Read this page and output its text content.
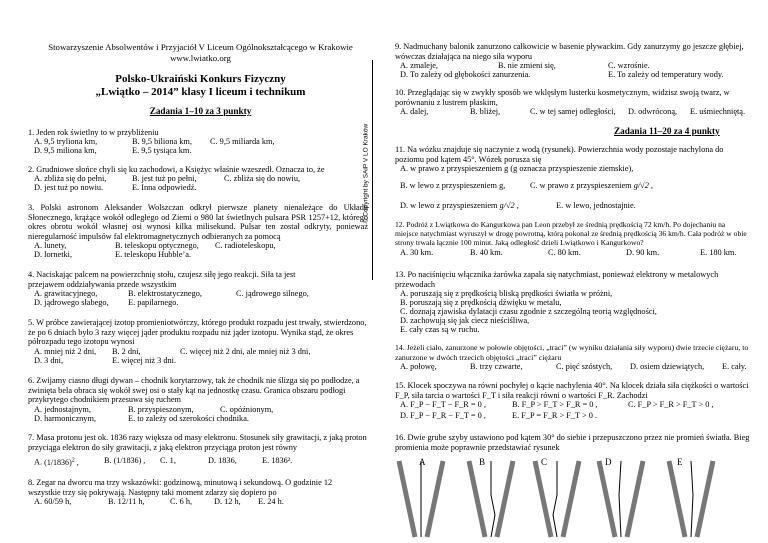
Stowarzyszenie Absolwentów i Przyjaciół V Liceum Ogólnokształcącego w Krakowie
www.lwiatko.org
Polsko-Ukraiński Konkurs Fizyczny
„Lwiątko – 2014” klasy I liceum i technikum
Zadania 1–10 za 3 punkty
1. Jeden rok świetlny to w przybliżeniu
A. 9,5 tryliona km,	B. 9,5 biliona km, C. 9,5 miliarda km,
D. 9,5 miliona km,	E. 9,5 tysiąca km.
2. Grudniowe słońce chyli się ku zachodowi, a Księżyc właśnie wzeszedł. Oznacza to, że
A. zbliża się do pełni,	B. jest tuż po pełni,	C. zbliża się do nowiu,
D. jest tuż po nowiu.	E. Inna odpowiedź.
3. Polski astronom Aleksander Wolszczan odkrył pierwsze planety nienależące do Układu Słonecznego, krążące wokół odległego od Ziemi o 980 lat świetlnych pulsara PSR 1257+12, którego okres obrotu wokół własnej osi wynosi kilka milisekund. Pulsar ten został odkryty, ponieważ nieregularność impulsów fal elektromagnetycznych odbieranych za pomocą
A. lunety,	B. teleskopu optycznego, C. radioteleskopu,
D. lornetki,	E. teleskopu Hubble’a.
4. Naciskając palcem na powierzchnię stołu, czujesz siłę jego reakcji. Siła ta jest przejawem oddziaływania przede wszystkim
A. grawitacyjnego,	B. elektrostatycznego,	C. jądrowego silnego,
D. jądrowego słabego, E. papilarnego.
5. W próbce zawierającej izotop promieniotwórczy, którego produkt rozpadu jest trwały, stwierdzono, że po 6 dniach było 3 razy więcej jąder produktu rozpadu niż jąder izotopu. Wynika stąd, że okres półrozpadu tego izotopu wynosi
A. mniej niż 2 dni, B. 2 dni,	C. więcej niż 2 dni, ale mniej niż 3 dni,
D. 3 dni,	E. więcej niż 3 dni.
6. Zwijamy ciasno długi dywan – chodnik korytarzowy, tak że chodnik nie ślizga się po podłodze, a zwinięta bela obraca się wokół swej osi o stały kąt na jednostkę czasu. Granica obszaru podłogi przykrytego chodnikiem przesuwa się ruchem
A. jednostajnym,	B. przyspieszonym,	C. opóźnionym,
D. harmonicznym,	E. to zależy od szerokości chodnika.
7. Masa protonu jest ok. 1836 razy większa od masy elektronu. Stosunek siły grawitacji, z jaką proton przyciąga elektron do siły grawitacji, z jaką elektron przyciąga proton jest równy
A. $(1/1836)^2$ ,	B. (1/1836) , C. 1,	D. 1836,	E. 1836².
8. Zegar na dworcu ma trzy wskazówki: godzinową, minutową i sekundową. O godzinie 12 wszystkie trzy się pokrywają. Następny taki moment zdarzy się dopiero po
A. 60/59 h,	B. 12/11 h,	C. 6 h,	D. 12 h, E. 24 h.
© Copyright by SAiP V LO Kraków
9. Nadmuchany balonik zanurzono całkowicie w basenie pływackim. Gdy zanurzymy go jeszcze głębiej, wówczas działająca na niego siła wyporu
A. zmaleje,	B. nie zmieni się,	C. wzrośnie.
D. To zależy od głębokości zanurzenia.	E. To zależy od temperatury wody.
10. Przeglądając się w zwykły sposób we wklęsłym lusterku kosmetycznym, widzisz swoją twarz, w porównaniu z lustrem płaskim,
A. dalej,	B. bliżej,	C. w tej samej odległości, D. odwróconą, E. uśmiechniętą.
Zadania 11–20 za 4 punkty
11. Na wózku znajduje się naczynie z wodą (rysunek). Powierzchnia wody pozostaje nachylona do poziomu pod kątem 45°. Wózek porusza się
A. w prawo z przyspieszeniem g (g oznacza przyspieszenie ziemskie),
B. w lewo z przyspieszeniem g,	C. w prawo z przyspieszeniem g/√2 ,
D. w lewo z przyspieszeniem g/√2 ,	E. w lewo, jednostajnie.
12. Podróż z Lwiątkowa do Kangurkowa pan Leon przebył ze średnią prędkością 72 km/h. Po dojechaniu na miejsce natychmiast wyruszył w drogę powrotną, którą pokonał ze średnią prędkością 36 km/h. Cała podróż w obie strony trwała łącznie 100 minut. Jaką odległość dzieli Lwiątkowo i Kangurkowo?
A. 30 km.	B. 40 km.	C. 80 km.	D. 90 km.	E. 180 km.
13. Po naciśnięciu włącznika żarówka zapala się natychmiast, ponieważ elektrony w metalowych przewodach
A. poruszają się z prędkością bliską prędkości światła w próżni,
B. poruszają się z prędkością dźwięku w metalu,
C. doznają zjawiska dylatacji czasu zgodnie z szczególną teorią względności,
D. zachowują się jak ciecz nieściśliwa,
E. cały czas są w ruchu.
14. Jeżeli ciało, zanurzone w połowie objętości, „traci” (w wyniku działania siły wyporu) dwie trzecie ciężaru, to zanurzone w dwóch trzecich objętości „traci” ciężaru
A. połowę,	B. trzy czwarte,	C. pięć szóstych, D. osiem dziewiątych, E. cały.
15. Klocek spoczywa na równi pochyłej o kącie nachylenia 40°. Na klocek działa siła ciężkości o wartości F_P, siła tarcia o wartości F_T i siła reakcji równi o wartości F_R. Zachodzi
A. F_P − F_T − F_R = 0 ,	B. F_P > F_T > F_R = 0 ,	C. F_P > F_R > F_T > 0 ,
D. F_P − F_R − F_T = 0 ,	E. F_P = F_R > F_T > 0 .
16. Dwie grube szyby ustawiono pod kątem 30° do siebie i przepuszczono przez nie promień światła. Bieg promienia może poprawnie przedstawiać rysunek
A	B	C	D	E
